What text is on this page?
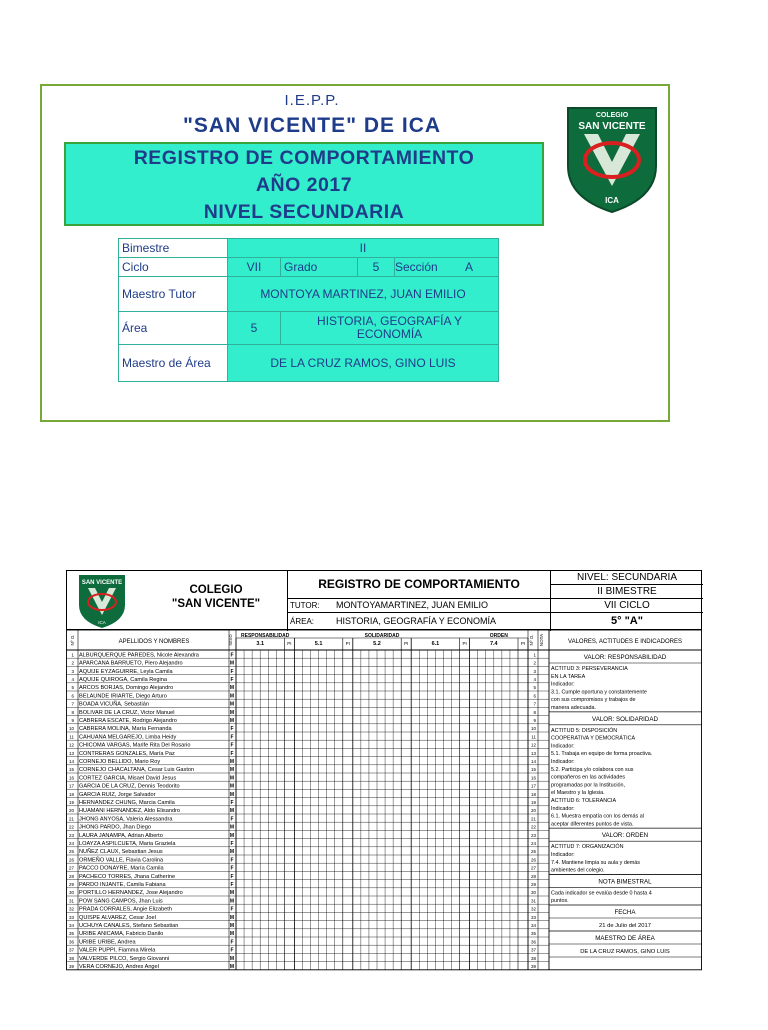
I.E.P.P.
"SAN VICENTE" DE ICA
REGISTRO DE COMPORTAMIENTO
AÑO 2017
NIVEL SECUNDARIA
COLEGIO
SAN VICENTE
ICA
Bimestre	II			
Ciclo	VII	Grado	5	Sección A
Maestro Tutor	MONTOYA MARTINEZ, JUAN EMILIO			
Área	5	HISTORIA, GEOGRAFÍA Y ECONOMÍA		
Maestro de Área	DE LA CRUZ RAMOS, GINO LUIS			
SAN VICENTE
ICA
COLEGIO
"SAN VICENTE"
REGISTRO DE COMPORTAMIENTO
TUTOR: MONTOYAMARTINEZ, JUAN EMILIO
ÁREA: HISTORIA, GEOGRAFÍA Y ECONOMÍA
NIVEL: SECUNDARIA
II BIMESTRE
VII CICLO
5° "A"
Nº O.	APELLIDOS Y NOMBRES	SEXO RESPONSABILIDAD
3.1	PI
SOLIDARIDAD
5.1	PI	5.2	PI	6.1	PI
ORDEN
7.4	PI Nº O. NOTA	VALORES, ACTITUDES E INDICADORES
1 ALBURQUERQUE PAREDES, Nicole Alexandra	F	1
2 APARCANA BARRUETO, Piero Alejandro	M	2
3 AQUIJE EYZAGUIRRE, Leyla Camila	F	3
4 AQUIJE QUIROGA, Camila Regina	F	4
5 ARCOS BORJAS, Domingo Alejandro	M	5
6 BELAUNDE IRIARTE, Diego Arturo	M	6
7 BOADA VICUÑA, Sebastián	M	7
8 BOLIVAR DE LA CRUZ, Victor Manuel	M	8
9 CABRERA ESCATE, Rodrigo Alejandro	M	9
10 CABRERA MOLINA, María Fernanda	F	10
11 CAHUANA MELGAREJO, Limba Heidy	F	11
12 CHICOMA VARGAS, Marife Rita Del Rosario	F	12
13 CONTRERAS GONZALES, María Paz	F	13
14 CORNEJO BELLIDO, Mario Roy	M	14
15 CORNEJO CHACALTANA, Cesar Luis Gaston	M	15
16 CORTEZ GARCIA, Misael David Jesus	M	16
17 GARCIA DE LA CRUZ, Dennis Teodorito	M	17
18 GARCIA RUIZ, Jorge Salvador	M	18
19 HERNANDEZ CHUNG, Marcia Camila	F	19
20 HUAMANI HERNANDEZ, Aldo Elisandro	M	20
21 JHONG ANYOSA, Valeria Alessandra	F	21
22 JHONG PARDO, Jhan Diego	M	22
23 LAURA JANAMPA, Adrian Alberto	M	23
24 LOAYZA ASPILCUETA, Maria Graziela	F	24
25 NUÑEZ CLAUX, Sebastian Jesus	M	25
26 ORMEÑO VALLE, Flavia Carolina	F	26
27 PACCO DONAYRE, María Camila	F	27
28 PACHECO TORRES, Jhana Catherine	F	28
29 PARDO INJANTE, Camila Fabiana	F	29
30 PORTILLO HERNANDEZ, Jose Alejandro	M	30
31 POW SANG CAMPOS, Jhan Luis	M	31
32 PRADA CORRALES, Angie Elizabeth	F	32
33 QUISPE ALVAREZ, Cesar Joel	M	33
34 UCHUYA CANALES, Stefano Sebastian	M	34
35 URIBE ANICAMA, Fabricio Danilo	M	35
36 URIBE URIBE, Andrea	F	36
37 VALER PUPPI, Fiamma Mirela	F	37
38 VALVERDE PILCO, Sergio Giovanni	M	38
39 VERA CORNEJO, Andres Angel	M	39
VALOR: RESPONSABILIDAD
ACTITUD 3: PERSEVERANCIA
EN LA TAREA
Indicador:
3.1. Cumple oportuna y constantemente
con sus compromisos y trabajos de
manera adecuada.
VALOR: SOLIDARIDAD
ACTITUD 5: DISPOSICIÓN
COOPERATIVA Y DEMOCRÁTICA
Indicador:
5.1. Trabaja en equipo de forma proactiva.
Indicador:
5.2. Participa y/o colabora con sus
compañeros en las actividades
programadas por la Institución,
el Maestro y la Iglesia.
ACTITUD 6: TOLERANCIA
Indicador:
6.1. Muestra empatía con los demás al
aceptar diferentes puntos de vista.
VALOR: ORDEN
ACTITUD 7: ORGANIZACIÓN
Indicador:
7.4. Mantiene limpia su aula y demás
ambientes del colegio.
NOTA BIMESTRAL
Cada indicador se evalúa desde 0 hasta 4
puntos.
FECHA
21 de Julio del 2017
MAESTRO DE ÁREA
DE LA CRUZ RAMOS, GINO LUIS
